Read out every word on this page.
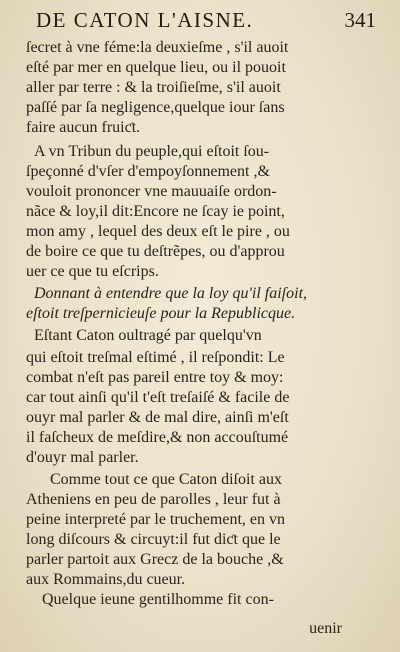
DE CATON L'AISNE.	341
ſecret à vne féme:la deuxieſme , s'il auoit
eſté par mer en quelque lieu, ou il pouoit
aller par terre : & la troiſieſme, s'il auoit
paſſé par ſa negligence,quelque iour ſans
faire aucun fruiƈt.
A vn Tribun du peuple,qui eſtoit ſou-
ſpeçonné d'vſer d'empoyſonnement ,&
vouloit prononcer vne mauuaiſe ordon-
nãce & loy,il dit:Encore ne ſcay ie point,
mon amy , lequel des deux eſt le pire , ou
de boire ce que tu deſtrẽpes, ou d'approu
uer ce que tu eſcrips.
Donnant à entendre que la loy qu'il faiſoit,
eſtoit treſpernicieuſe pour la Republicque.
Eſtant Caton oultragé par quelqu'vn
qui eſtoit treſmal eſtimé , il reſpondit: Le
combat n'eſt pas pareil entre toy & moy:
car tout ainſi qu'il t'eſt treſaiſé & facile de
ouyr mal parler & de mal dire, ainſi m'eſt
il faſcheux de meſdire,& non accouſtumé
d'ouyr mal parler.
Comme tout ce que Caton diſoit aux
Atheniens en peu de parolles , leur fut à
peine interpreté par le truchement, en vn
long diſcours & circuyt:il fut diƈt que le
parler partoit aux Grecz de la bouche ,&
aux Rommains,du cueur.
Quelque ieune gentilhomme fit con-
uenir
